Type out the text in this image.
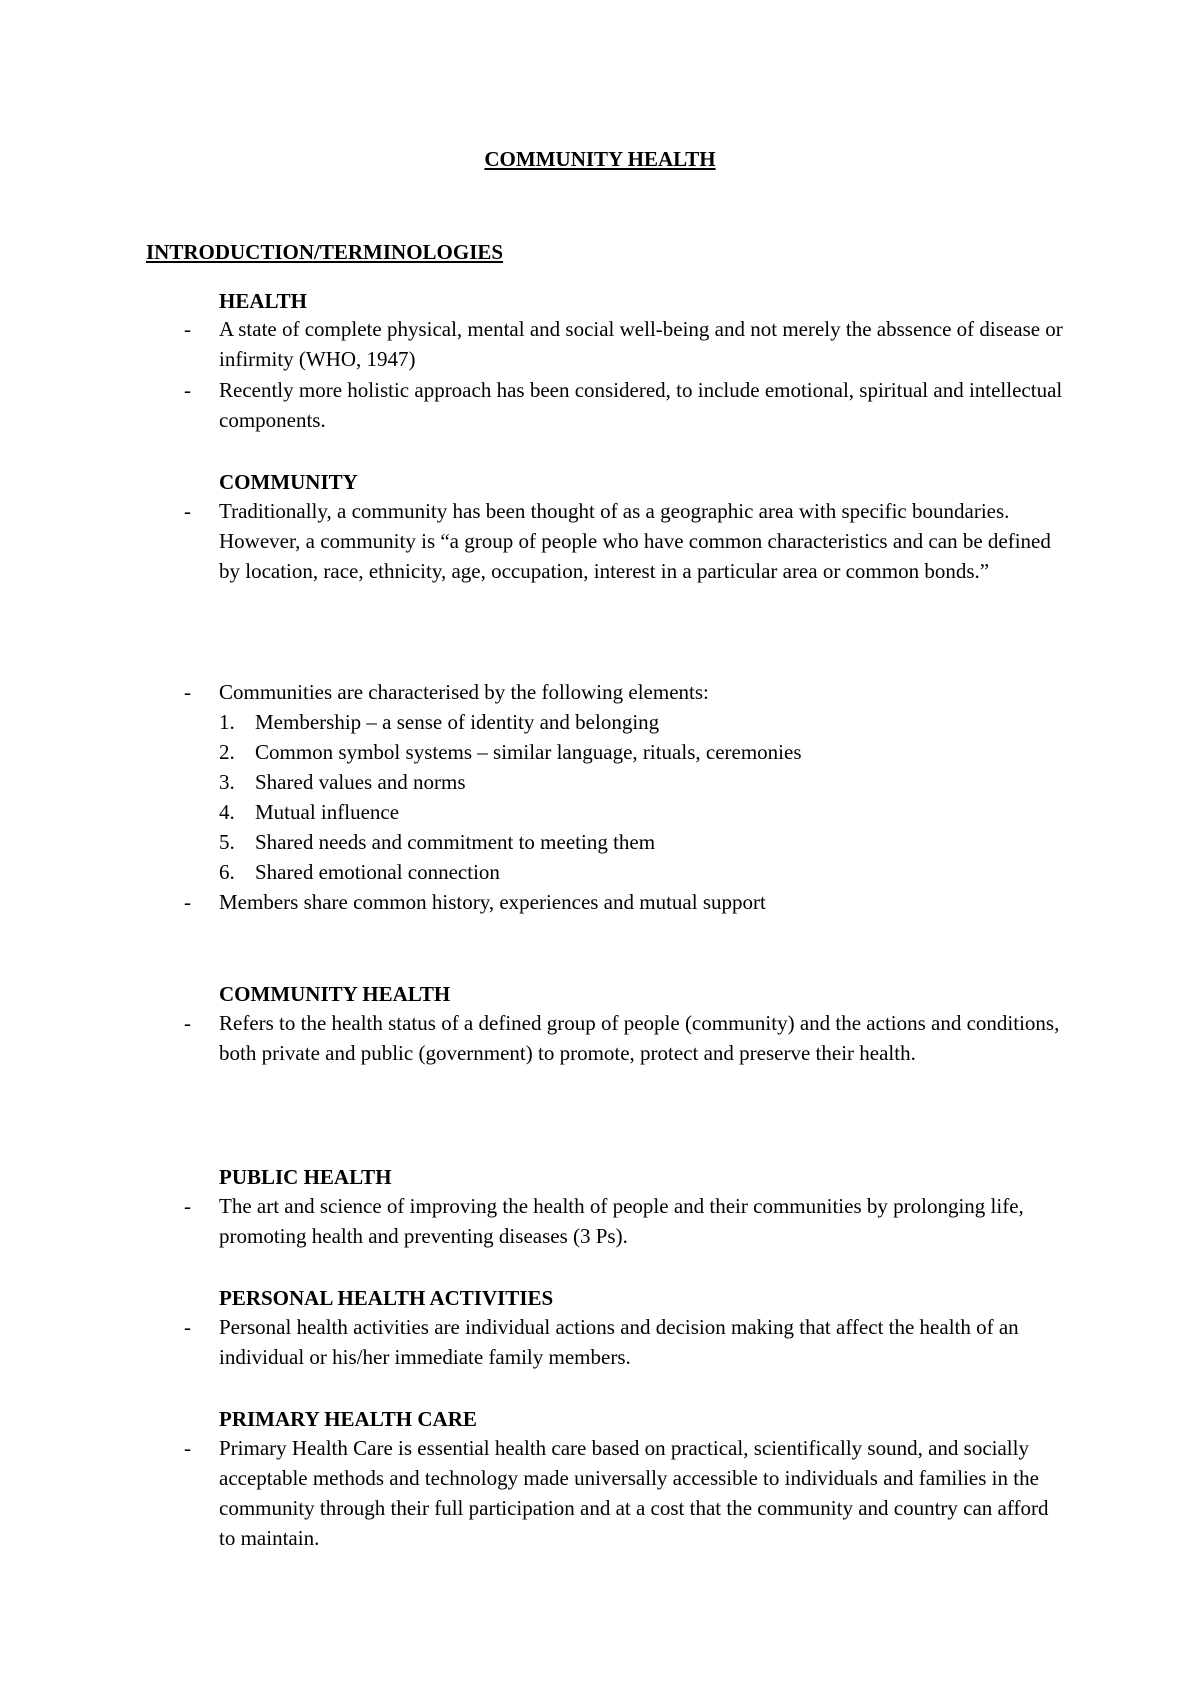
COMMUNITY HEALTH
INTRODUCTION/TERMINOLOGIES
HEALTH
-	A state of complete physical, mental and social well-being and not merely the abssence of disease or infirmity (WHO, 1947)
-	Recently more holistic approach has been considered, to include emotional, spiritual and intellectual components.
COMMUNITY
-	Traditionally, a community has been thought of as a geographic area with specific boundaries. However, a community is “a group of people who have common characteristics and can be defined by location, race, ethnicity, age, occupation, interest in a particular area or common bonds.”
-	Communities are characterised by the following elements:
1. Membership – a sense of identity and belonging
2. Common symbol systems – similar language, rituals, ceremonies
3. Shared values and norms
4. Mutual influence
5. Shared needs and commitment to meeting them
6. Shared emotional connection
-	Members share common history, experiences and mutual support
COMMUNITY HEALTH
-	Refers to the health status of a defined group of people (community) and the actions and conditions, both private and public (government) to promote, protect and preserve their health.
PUBLIC HEALTH
-	The art and science of improving the health of people and their communities by prolonging life, promoting health and preventing diseases (3 Ps).
PERSONAL HEALTH ACTIVITIES
-	Personal health activities are individual actions and decision making that affect the health of an individual or his/her immediate family members.
PRIMARY HEALTH CARE
-	Primary Health Care is essential health care based on practical, scientifically sound, and socially acceptable methods and technology made universally accessible to individuals and families in the community through their full participation and at a cost that the community and country can afford to maintain.
